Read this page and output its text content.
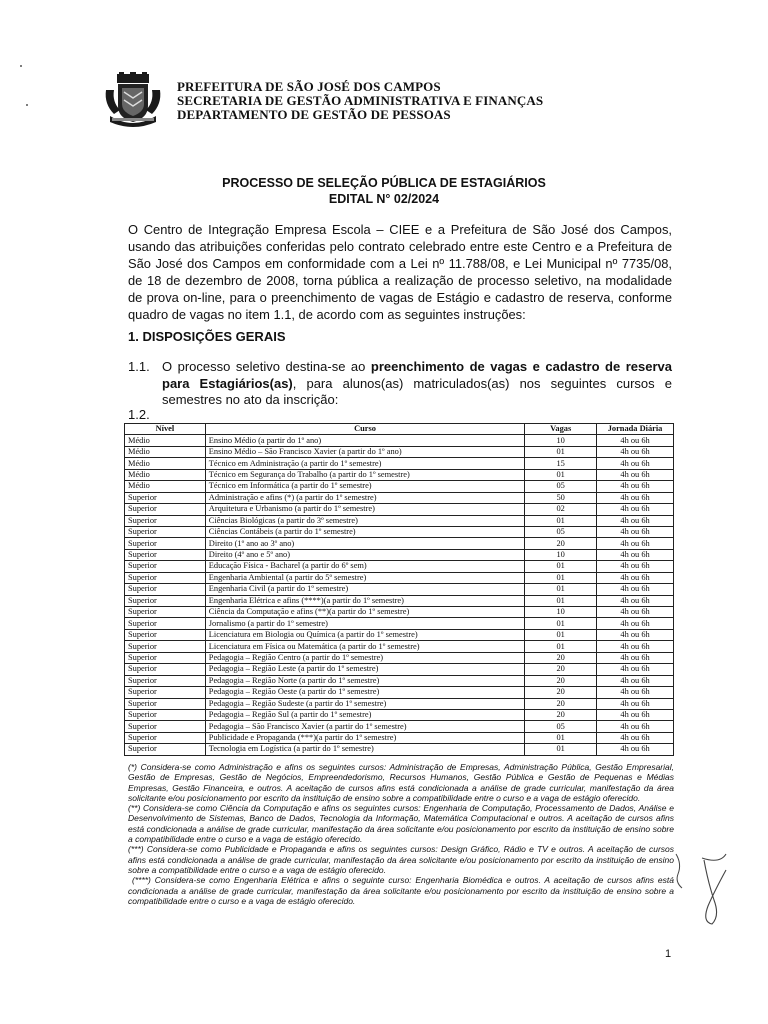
PREFEITURA DE SÃO JOSÉ DOS CAMPOS
SECRETARIA DE GESTÃO ADMINISTRATIVA E FINANÇAS
DEPARTAMENTO DE GESTÃO DE PESSOAS
PROCESSO DE SELEÇÃO PÚBLICA DE ESTAGIÁRIOS
EDITAL N° 02/2024
O Centro de Integração Empresa Escola – CIEE e a Prefeitura de São José dos Campos, usando das atribuições conferidas pelo contrato celebrado entre este Centro e a Prefeitura de São José dos Campos em conformidade com a Lei nº 11.788/08, e Lei Municipal nº 7735/08, de 18 de dezembro de 2008, torna pública a realização de processo seletivo, na modalidade de prova on-line, para o preenchimento de vagas de Estágio e cadastro de reserva, conforme quadro de vagas no item 1.1, de acordo com as seguintes instruções:
1. DISPOSIÇÕES GERAIS
1.1. O processo seletivo destina-se ao preenchimento de vagas e cadastro de reserva para Estagiários(as), para alunos(as) matriculados(as) nos seguintes cursos e semestres no ato da inscrição:
1.2.
Nível	Curso	Vagas	Jornada Diária
Médio	Ensino Médio (a partir do 1º ano)	10	4h ou 6h
Médio	Ensino Médio – São Francisco Xavier (a partir do 1º ano)	01	4h ou 6h
Médio	Técnico em Administração (a partir do 1º semestre)	15	4h ou 6h
Médio	Técnico em Segurança do Trabalho (a partir do 1º semestre)	01	4h ou 6h
Médio	Técnico em Informática (a partir do 1º semestre)	05	4h ou 6h
Superior	Administração e afins (*) (a partir do 1º semestre)	50	4h ou 6h
Superior	Arquitetura e Urbanismo (a partir do 1º semestre)	02	4h ou 6h
Superior	Ciências Biológicas (a partir do 3º semestre)	01	4h ou 6h
Superior	Ciências Contábeis (a partir do 1º semestre)	05	4h ou 6h
Superior	Direito (1º ano ao 3º ano)	20	4h ou 6h
Superior	Direito (4º ano e 5º ano)	10	4h ou 6h
Superior	Educação Física - Bacharel (a partir do 6º sem)	01	4h ou 6h
Superior	Engenharia Ambiental (a partir do 5º semestre)	01	4h ou 6h
Superior	Engenharia Civil (a partir do 1º semestre)	01	4h ou 6h
Superior	Engenharia Elétrica e afins (****)(a partir do 1º semestre)	01	4h ou 6h
Superior	Ciência da Computação e afins (**)(a partir do 1º semestre)	10	4h ou 6h
Superior	Jornalismo (a partir do 1º semestre)	01	4h ou 6h
Superior	Licenciatura em Biologia ou Química (a partir do 1º semestre)	01	4h ou 6h
Superior	Licenciatura em Física ou Matemática (a partir do 1º semestre)	01	4h ou 6h
Superior	Pedagogia – Região Centro (a partir do 1º semestre)	20	4h ou 6h
Superior	Pedagogia – Região Leste (a partir do 1º semestre)	20	4h ou 6h
Superior	Pedagogia – Região Norte (a partir do 1º semestre)	20	4h ou 6h
Superior	Pedagogia – Região Oeste (a partir do 1º semestre)	20	4h ou 6h
Superior	Pedagogia – Região Sudeste (a partir do 1º semestre)	20	4h ou 6h
Superior	Pedagogia – Região Sul (a partir do 1º semestre)	20	4h ou 6h
Superior	Pedagogia – São Francisco Xavier (a partir do 1º semestre)	05	4h ou 6h
Superior	Publicidade e Propaganda (***)(a partir do 1º semestre)	01	4h ou 6h
Superior	Tecnologia em Logística (a partir do 1º semestre)	01	4h ou 6h

(*) Considera-se como Administração e afins os seguintes cursos: Administração de Empresas, Administração Pública, Gestão Empresarial, Gestão de Empresas, Gestão de Negócios, Empreendedorismo, Recursos Humanos, Gestão Pública e Gestão de Pequenas e Médias Empresas, Gestão Financeira, e outros. A aceitação de cursos afins está condicionada a análise de grade curricular, manifestação da área solicitante e/ou posicionamento por escrito da instituição de ensino sobre a compatibilidade entre o curso e a vaga de estágio oferecido.

(**) Considera-se como Ciência da Computação e afins os seguintes cursos: Engenharia de Computação, Processamento de Dados, Análise e Desenvolvimento de Sistemas, Banco de Dados, Tecnologia da Informação, Matemática Computacional e outros. A aceitação de cursos afins está condicionada a análise de grade curricular, manifestação da área solicitante e/ou posicionamento por escrito da instituição de ensino sobre a compatibilidade entre o curso e a vaga de estágio oferecido.

(***) Considera-se como Publicidade e Propaganda e afins os seguintes cursos: Design Gráfico, Rádio e TV e outros. A aceitação de cursos afins está condicionada a análise de grade curricular, manifestação da área solicitante e/ou posicionamento por escrito da instituição de ensino sobre a compatibilidade entre o curso e a vaga de estágio oferecido.

(****) Considera-se como Engenharia Elétrica e afins o seguinte curso: Engenharia Biomédica e outros. A aceitação de cursos afins está condicionada a análise de grade curricular, manifestação da área solicitante e/ou posicionamento por escrito da instituição de ensino sobre a compatibilidade entre o curso e a vaga de estágio oferecido.

1
